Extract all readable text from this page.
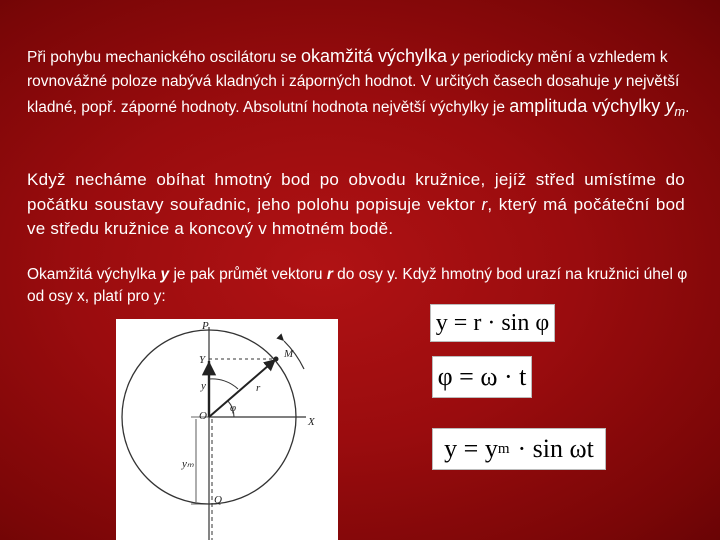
Při pohybu mechanického oscilátoru se okamžitá výchylka y periodicky mění a vzhledem k rovnovážné poloze nabývá kladných i záporných hodnot. V určitých časech dosahuje y největší kladné, popř. záporné hodnoty. Absolutní hodnota největší výchylky je amplituda výchylky $y_m$.

Když necháme obíhat hmotný bod po obvodu kružnice, jejíž střed umístíme do počátku soustavy souřadnic, jeho polohu popisuje vektor r, který má počáteční bod ve středu kružnice a koncový v hmotném bodě.

Okamžitá výchylka y je pak průmět vektoru r do osy y. Když hmotný bod urazí na kružnici úhel φ od osy x, platí pro y:

P
Y	M
y	r
φ
O	X
yₘ
Q
y = r · sin φ
φ = ω · t
y = y m · sin ωt
